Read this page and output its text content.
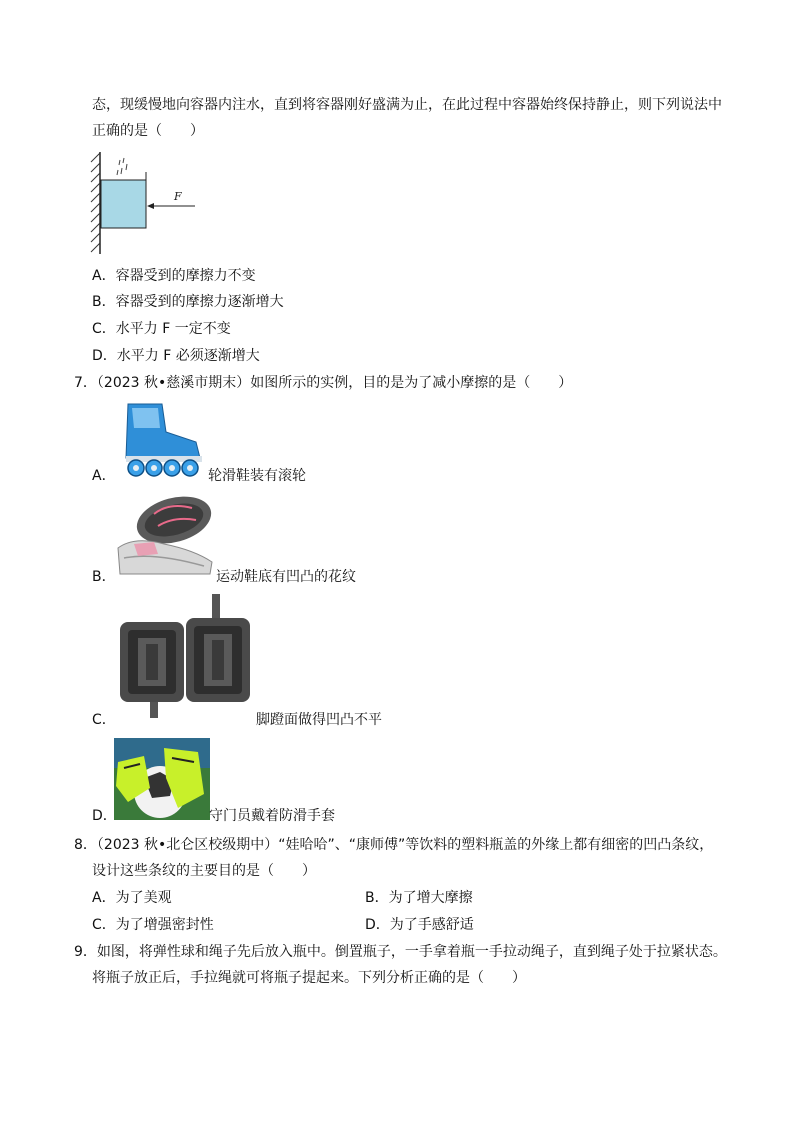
态，现缓慢地向容器内注水，直到将容器刚好盛满为止，在此过程中容器始终保持静止，则下列说法中
正确的是（　　）
F
A．容器受到的摩擦力不变
B．容器受到的摩擦力逐渐增大
C．水平力 F 一定不变
D．水平力 F 必须逐渐增大
7．（2023 秋•慈溪市期末）如图所示的实例，目的是为了减小摩擦的是（　　）
A．	轮滑鞋装有滚轮
B．	运动鞋底有凹凸的花纹
C．	脚蹬面做得凹凸不平
D．	守门员戴着防滑手套
8．（2023 秋•北仑区校级期中）“娃哈哈”、“康师傅”等饮料的塑料瓶盖的外缘上都有细密的凹凸条纹，
设计这些条纹的主要目的是（　　）
A．为了美观	B．为了增大摩擦
C．为了增强密封性	D．为了手感舒适
9．如图，将弹性球和绳子先后放入瓶中。倒置瓶子，一手拿着瓶一手拉动绳子，直到绳子处于拉紧状态。
将瓶子放正后，手拉绳就可将瓶子提起来。下列分析正确的是（　　）
